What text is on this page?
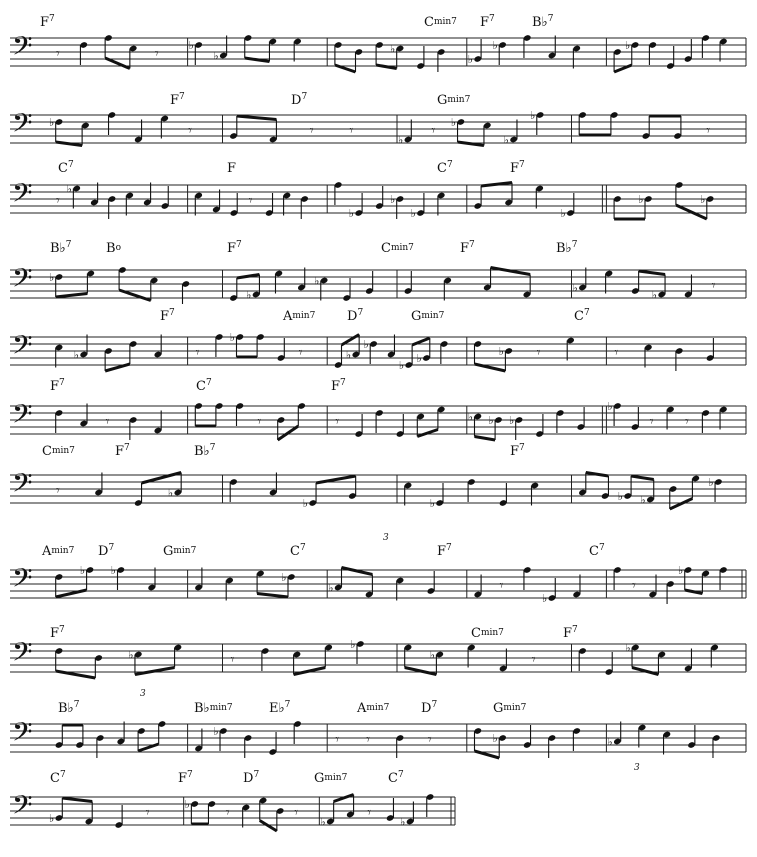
𝄢 𝄾	𝄾
♭
♭
♭
♭
♭	♭
$F^7$	Cmin7 $F^7$	B♭$^7$
𝄢 ♭
𝄾	𝄾	𝄾
♭
𝄾
♭
♭
♭
𝄾
$F^7$	$D^7$	Gmin7
𝄢 𝄾
♭
𝄾
♭
♭
♭	♭
♭	♭
$C^7$	F	$C^7$	$F^7$
𝄢 ♭
♭
♭
♭
♭
𝄾
B♭$^7$	Bo	$F^7$	Cmin7	$F^7$	B♭$^7$
𝄢	♭	𝄾
♭
𝄾	♭
♭
♭
♭
♭ 𝄾	𝄾
$F^7$	Amin7 $D^7$	Gmin7	$C^7$
𝄢	𝄾	𝄾	𝄾	♭ ♭ ♭
♭
𝄾 𝄾
$F^7$	$C^7$	$F^7$
𝄢 𝄾	♭
♭	♭
♭ ♭
♭
Cmin7	$F^7$	B♭$^7$	$F^7$
𝄢	♭ ♭
♭
♭	𝄾
♭
𝄾
♭
Amin7 $D^7$	Gmin7	$C^7$	$F^7$	$C^7$
𝄢	♭	𝄾
♭
♭	𝄾
♭
$F^7$	Cmin7	$F^7$
𝄢	♭
𝄾 𝄾	𝄾	♭	♭
B♭$^7$	B♭min7	E♭$^7$	Amin7 $D^7$	Gmin7
𝄢 ♭	𝄾
♭
𝄾	𝄾
♭
𝄾
♭
$C^7$	$F^7$	$D^7$	Gmin7	$C^7$
3
3
3
